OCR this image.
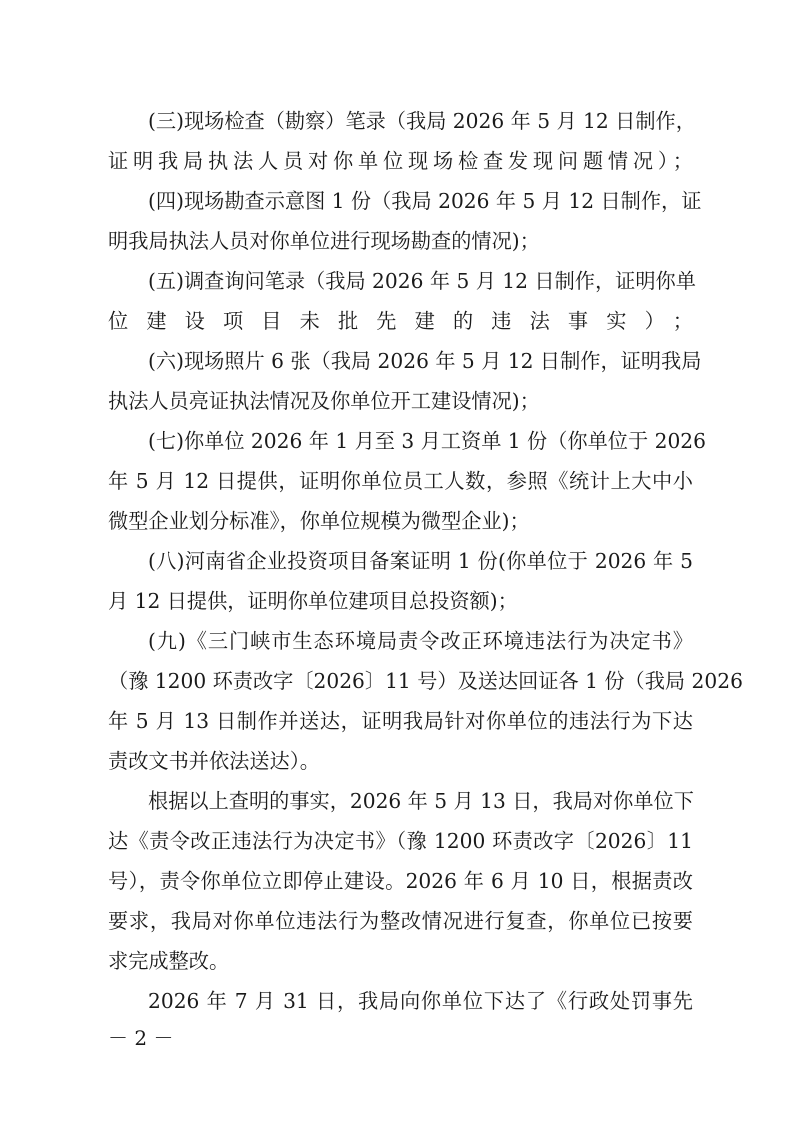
(三)现场检查（勘察）笔录（我局 2026 年 5 月 12 日制作，
证明我局执法人员对你单位现场检查发现问题情况）；
(四)现场勘查示意图 1 份（我局 2026 年 5 月 12 日制作，证
明我局执法人员对你单位进行现场勘查的情况)；
(五)调查询问笔录（我局 2026 年 5 月 12 日制作，证明你单
位建设项目未批先建的违法事实）；
(六)现场照片 6 张（我局 2026 年 5 月 12 日制作，证明我局
执法人员亮证执法情况及你单位开工建设情况)；
(七)你单位 2026 年 1 月至 3 月工资单 1 份（你单位于 2026
年 5 月 12 日提供，证明你单位员工人数，参照《统计上大中小
微型企业划分标准》，你单位规模为微型企业)；
(八)河南省企业投资项目备案证明 1 份(你单位于 2026 年 5
月 12 日提供，证明你单位建项目总投资额)；
(九)《三门峡市生态环境局责令改正环境违法行为决定书》
（豫 1200 环责改字〔2026〕11 号）及送达回证各 1 份（我局 2026
年 5 月 13 日制作并送达，证明我局针对你单位的违法行为下达
责改文书并依法送达）。
根据以上查明的事实，2026 年 5 月 13 日，我局对你单位下
达《责令改正违法行为决定书》（豫 1200 环责改字〔2026〕11
号），责令你单位立即停止建设。2026 年 6 月 10 日，根据责改
要求，我局对你单位违法行为整改情况进行复查，你单位已按要
求完成整改。
2026 年 7 月 31 日，我局向你单位下达了《行政处罚事先
－ 2 －
